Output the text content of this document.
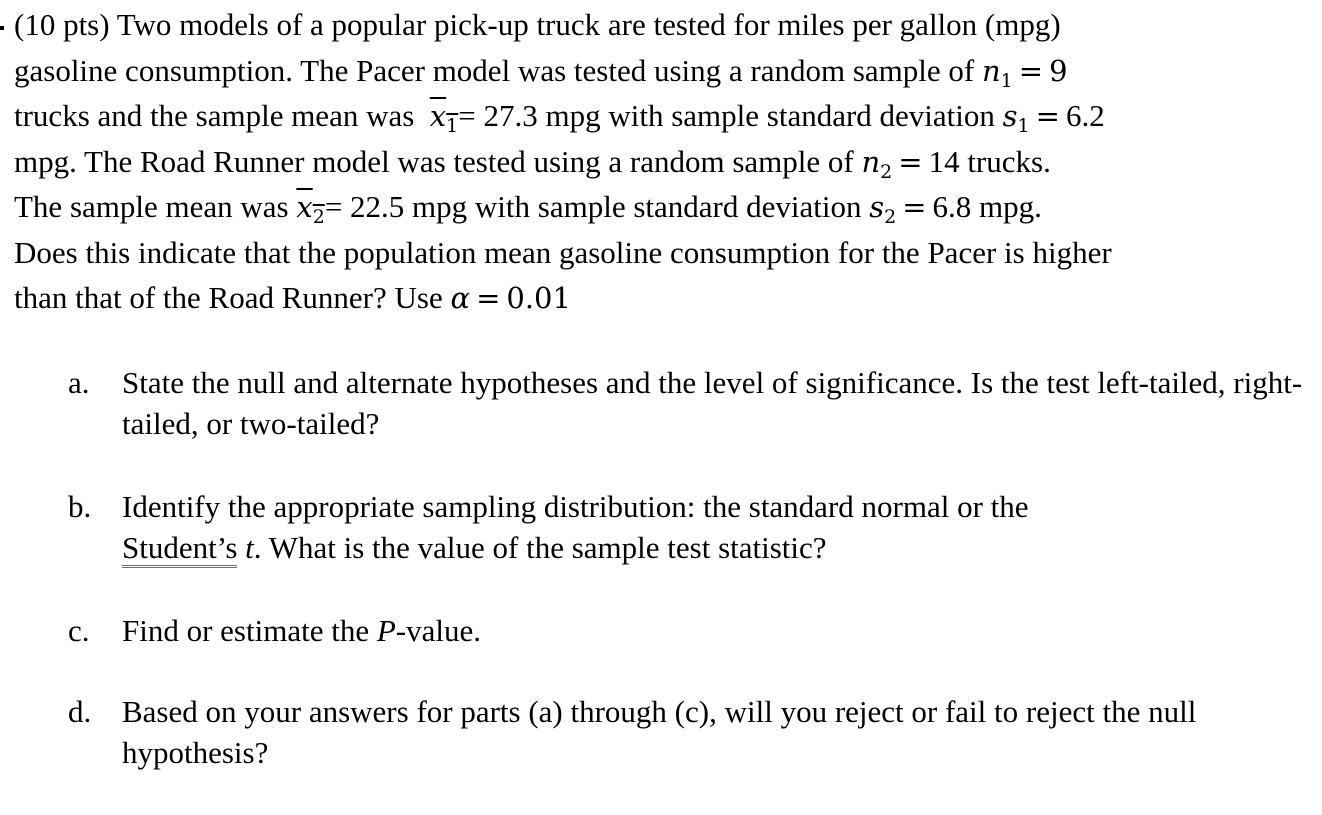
(10 pts) Two models of a popular pick-up truck are tested for miles per gallon (mpg)
gasoline consumption. The Pacer model was tested using a random sample of $n_1 = 9$
trucks and the sample mean was  $x_1= 27.3$ mpg with sample standard deviation $s_1 = 6.2$
mpg. The Road Runner model was tested using a random sample of $n_2 = 14$ trucks.
The sample mean was $x_2= 22.5$ mpg with sample standard deviation $s_2 = 6.8$ mpg.
Does this indicate that the population mean gasoline consumption for the Pacer is higher
than that of the Road Runner? Use α = 0.01
a. State the null and alternate hypotheses and the level of significance. Is the test left-tailed, right-tailed, or two-tailed?
b. Identify the appropriate sampling distribution: the standard normal or the
Student’s t. What is the value of the sample test statistic?
c. Find or estimate the P-value.
d. Based on your answers for parts (a) through (c), will you reject or fail to reject the null hypothesis?
